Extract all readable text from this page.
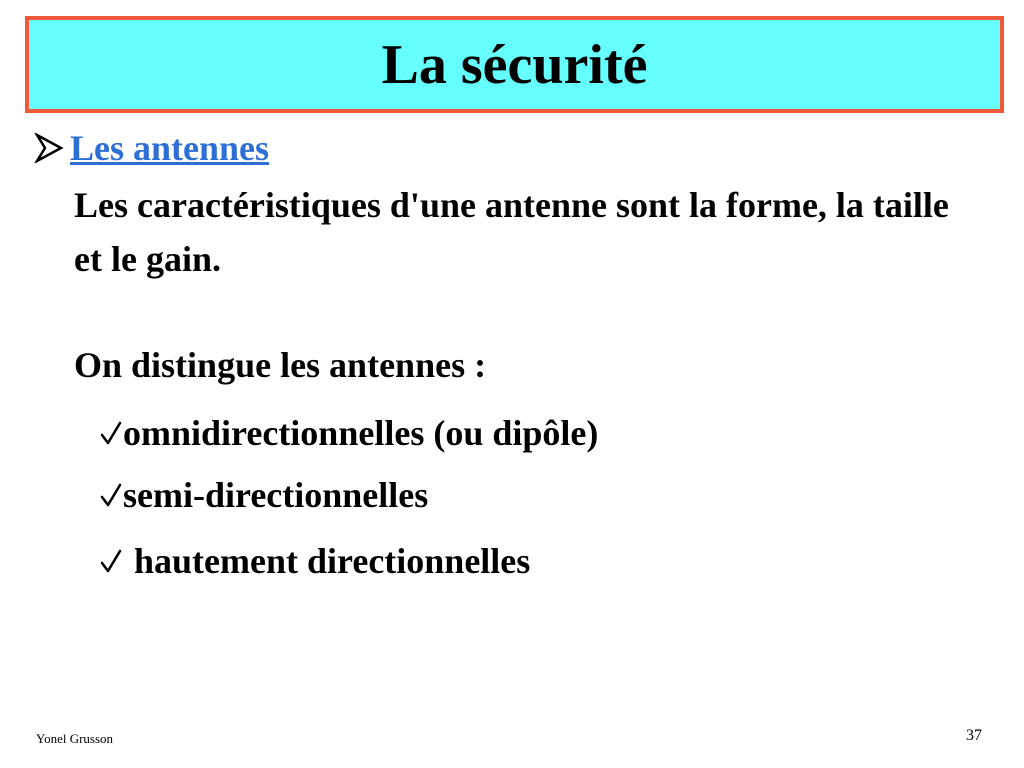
La sécurité
Les antennes
Les caractéristiques d'une antenne sont la forme, la taille et le gain.
On distingue les antennes :
omnidirectionnelles (ou dipôle)
semi-directionnelles
hautement directionnelles
Yonel Grusson	37
